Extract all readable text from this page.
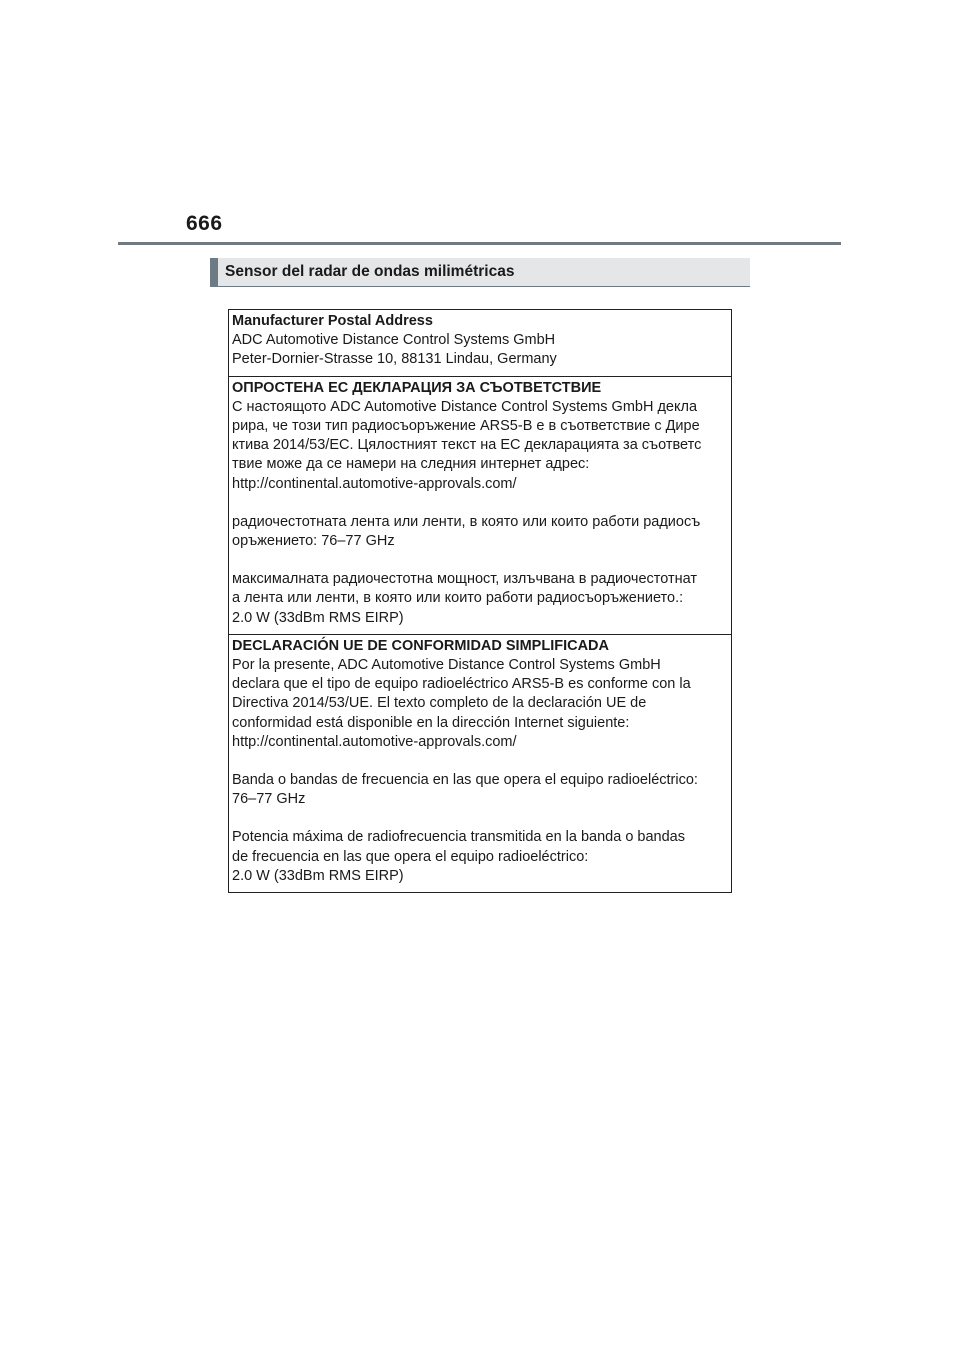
666
Sensor del radar de ondas milimétricas
Manufacturer Postal Address
ADC Automotive Distance Control Systems GmbH
Peter-Dornier-Strasse 10, 88131 Lindau, Germany
ОПРОСТЕНА ЕС ДЕКЛАРАЦИЯ ЗА СЪОТВЕТСТВИЕ
С настоящото ADC Automotive Distance Control Systems GmbH декла
рира, че този тип радиосъоръжение ARS5-B е в съответствие с Дире
ктива 2014/53/ЕС. Цялостният текст на ЕС декларацията за съответс
твие може да се намери на следния интернет адрес:
http://continental.automotive-approvals.com/
радиочестотната лента или ленти, в която или които работи радиосъ
оръжението: 76–77 GHz
максималната радиочестотна мощност, излъчвана в радиочестотнат
а лента или ленти, в която или които работи радиосъоръжението.:
2.0 W (33dBm RMS EIRP)
DECLARACIÓN UE DE CONFORMIDAD SIMPLIFICADA
Por la presente, ADC Automotive Distance Control Systems GmbH
declara que el tipo de equipo radioeléctrico ARS5-B es conforme con la
Directiva 2014/53/UE. El texto completo de la declaración UE de
conformidad está disponible en la dirección Internet siguiente:
http://continental.automotive-approvals.com/
Banda o bandas de frecuencia en las que opera el equipo radioeléctrico:
76–77 GHz
Potencia máxima de radiofrecuencia transmitida en la banda o bandas
de frecuencia en las que opera el equipo radioeléctrico:
2.0 W (33dBm RMS EIRP)
